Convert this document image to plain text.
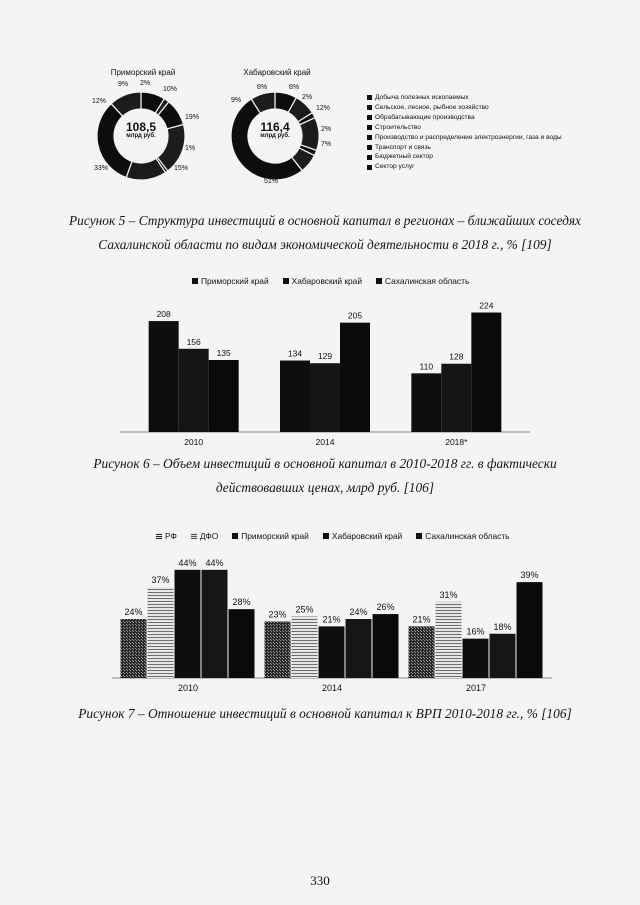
Приморский край	Хабаровский край
108,5
млрд руб.
116,4
млрд руб.
9% 2%
10%
19%
1%
15%
33%
12%
8%	8%
2%
12%
2%
7%
51%
9%	Добыча полезных ископаемых
Сельское, лесное, рыбное хозяйство
Обрабатывающие производства
Строительство
Производство и распределение электроэнергии, газа и воды
Транспорт и связь
Бюджетный сектор
Сектор услуг
Рисунок 5 – Структура инвестиций в основной капитал в регионах – ближайших соседях
Сахалинской области по видам экономической деятельности в 2018 г., % [109]
Приморский край	Хабаровский край	Сахалинская область
208
156
135
2010
134 129
205
2014
110
128
224
2018*
Рисунок 6 – Объем инвестиций в основной капитал в 2010-2018 гг. в фактически
действовавших ценах, млрд руб. [106]
РФ	ДФО	Приморский край	Хабаровский край	Сахалинская область
24%
37%
44% 44%
28%
2010
23% 25%
21%
24% 26%
2014
21%
31%
16% 18%
39%
2017
Рисунок 7 – Отношение инвестиций в основной капитал к ВРП 2010-2018 гг., % [106]
330
